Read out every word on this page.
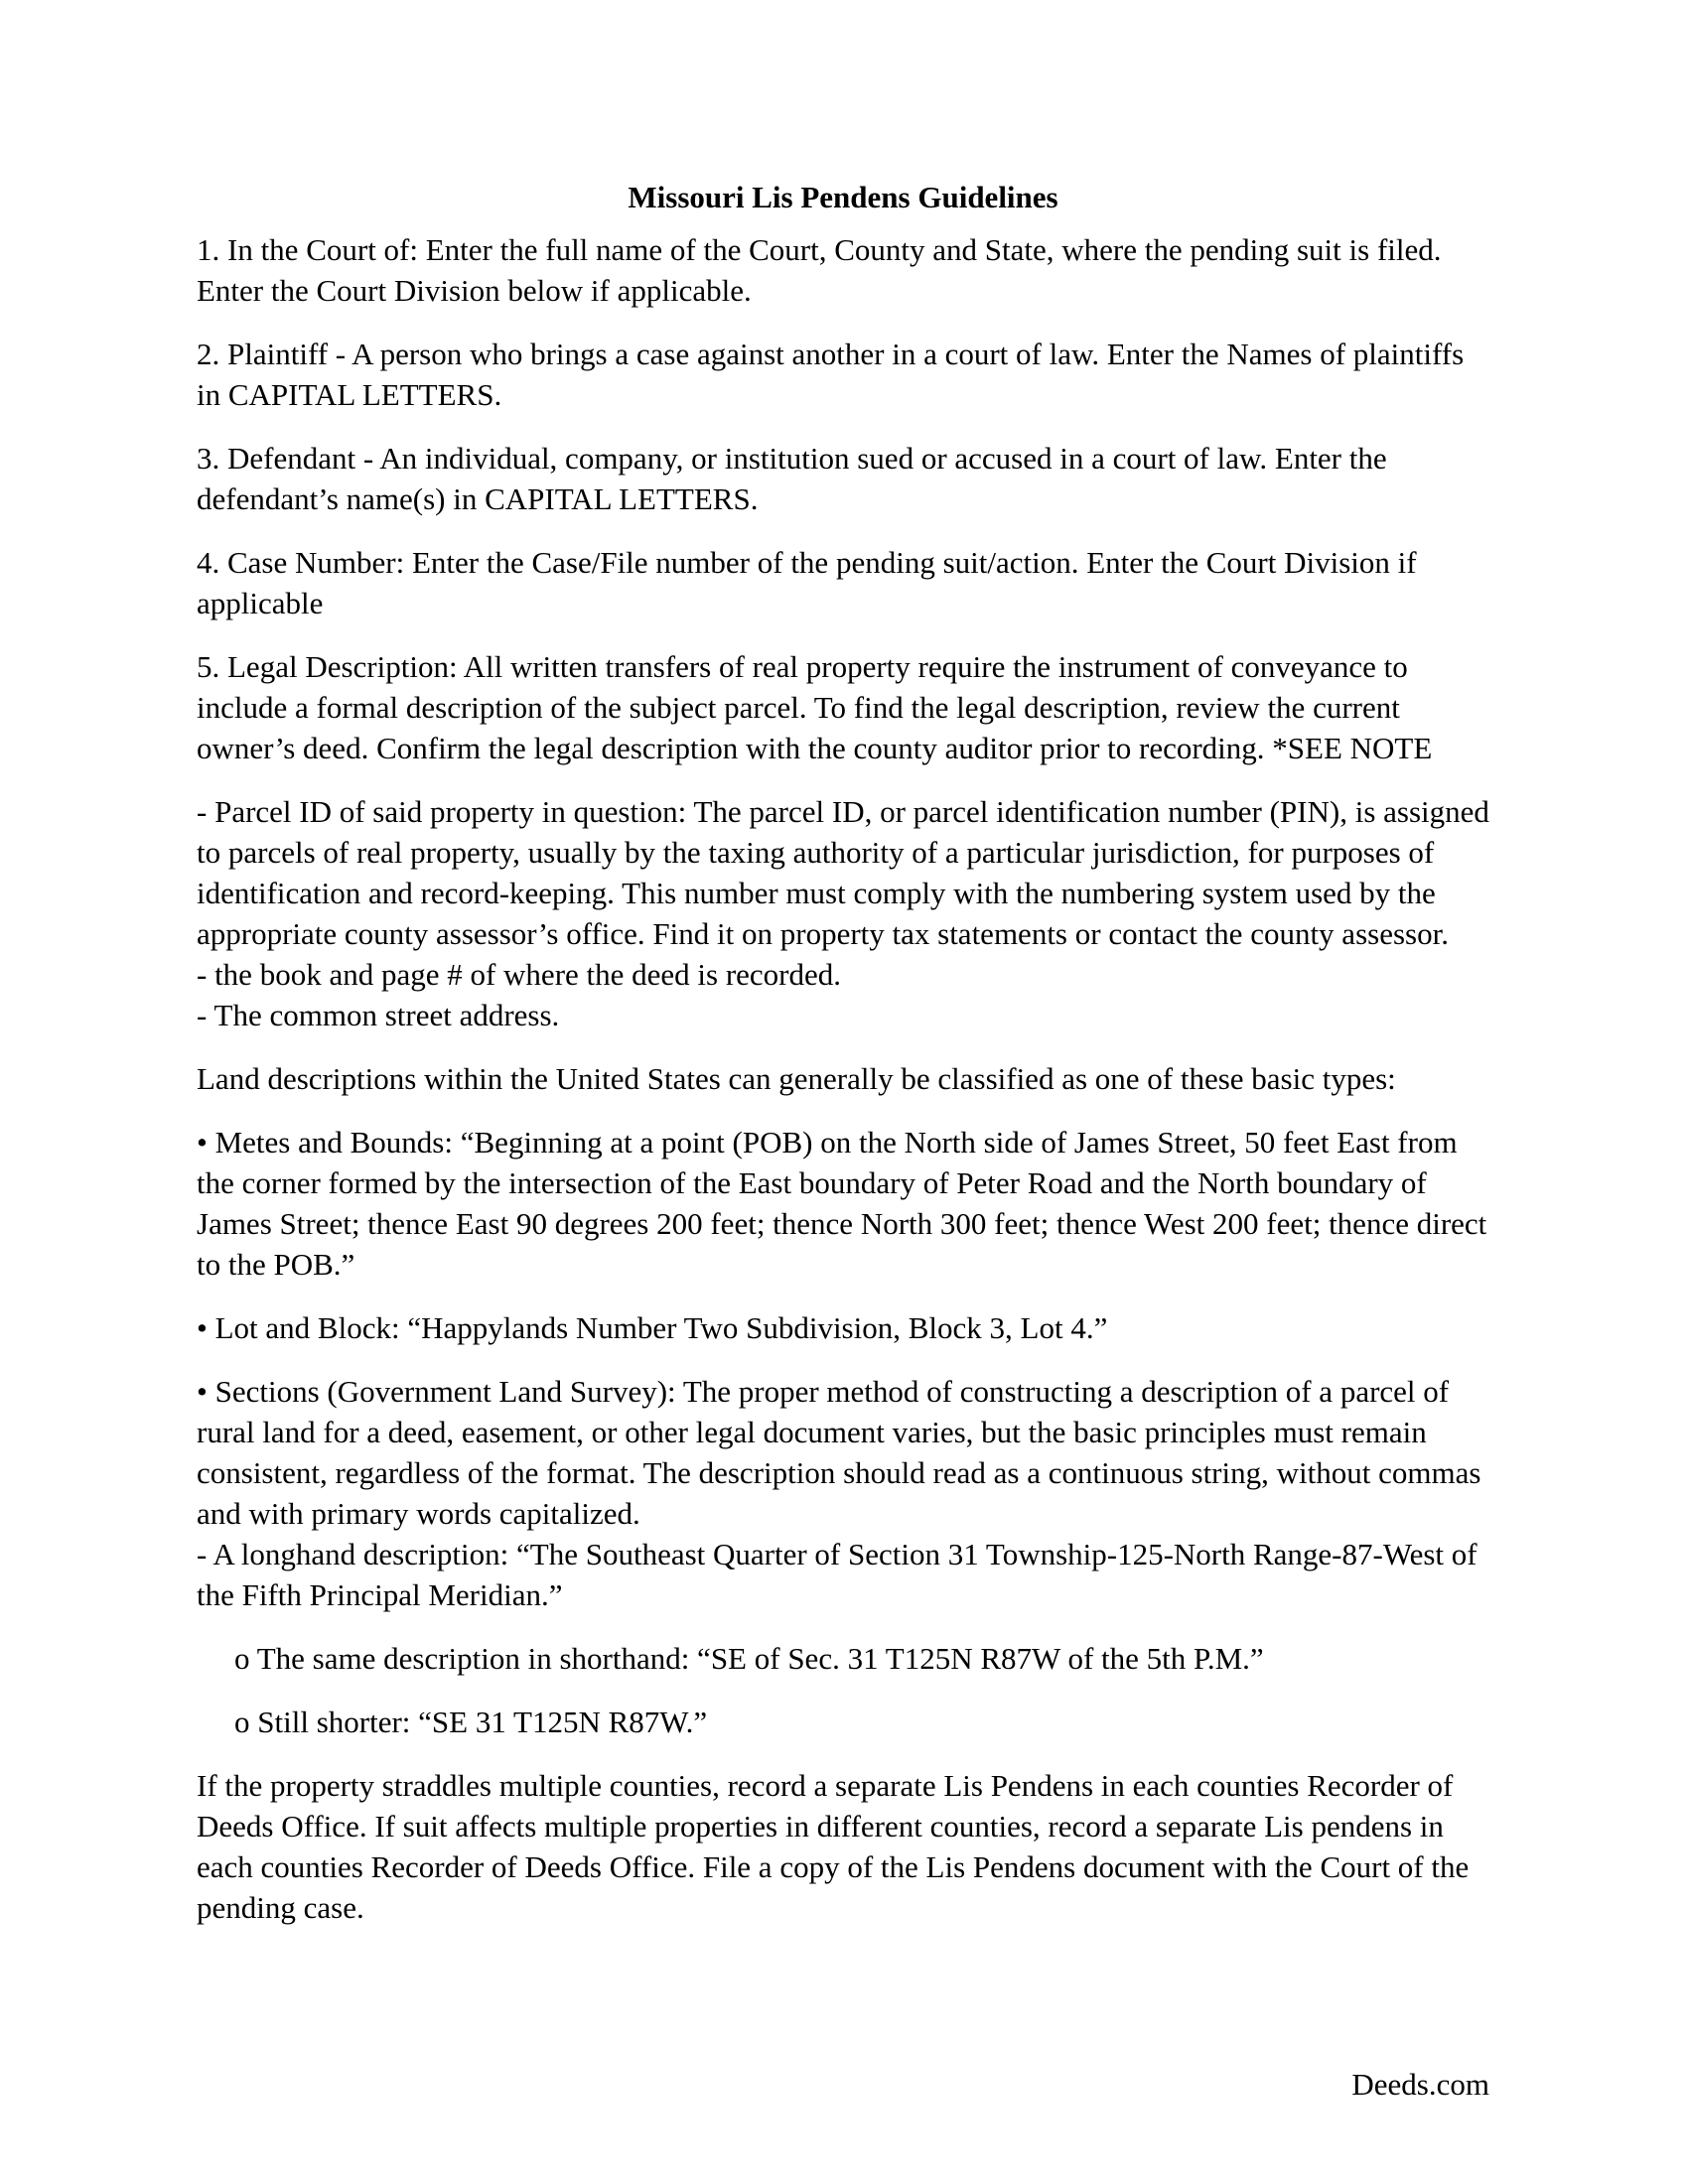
Missouri Lis Pendens Guidelines

1. In the Court of: Enter the full name of the Court, County and State, where the pending suit is filed. Enter the Court Division below if applicable.

2. Plaintiff - A person who brings a case against another in a court of law. Enter the Names of plaintiffs in CAPITAL LETTERS.

3. Defendant - An individual, company, or institution sued or accused in a court of law. Enter the defendant’s name(s) in CAPITAL LETTERS.

4. Case Number: Enter the Case/File number of the pending suit/action. Enter the Court Division if applicable

5. Legal Description: All written transfers of real property require the instrument of conveyance to include a formal description of the subject parcel. To find the legal description, review the current owner’s deed. Confirm the legal description with the county auditor prior to recording. *SEE NOTE

- Parcel ID of said property in question: The parcel ID, or parcel identification number (PIN), is assigned to parcels of real property, usually by the taxing authority of a particular jurisdiction, for purposes of identification and record-keeping. This number must comply with the numbering system used by the appropriate county assessor’s office. Find it on property tax statements or contact the county assessor.

- the book and page # of where the deed is recorded.

- The common street address.

Land descriptions within the United States can generally be classified as one of these basic types:

• Metes and Bounds: “Beginning at a point (POB) on the North side of James Street, 50 feet East from the corner formed by the intersection of the East boundary of Peter Road and the North boundary of James Street; thence East 90 degrees 200 feet; thence North 300 feet; thence West 200 feet; thence direct to the POB.”

• Lot and Block: “Happylands Number Two Subdivision, Block 3, Lot 4.”

• Sections (Government Land Survey): The proper method of constructing a description of a parcel of rural land for a deed, easement, or other legal document varies, but the basic principles must remain consistent, regardless of the format. The description should read as a continuous string, without commas and with primary words capitalized.

- A longhand description: “The Southeast Quarter of Section 31 Township-125-North Range-87-West of the Fifth Principal Meridian.”

o The same description in shorthand: “SE of Sec. 31 T125N R87W of the 5th P.M.”

o Still shorter: “SE 31 T125N R87W.”

If the property straddles multiple counties, record a separate Lis Pendens in each counties Recorder of Deeds Office. If suit affects multiple properties in different counties, record a separate Lis pendens in each counties Recorder of Deeds Office. File a copy of the Lis Pendens document with the Court of the pending case.

Deeds.com
